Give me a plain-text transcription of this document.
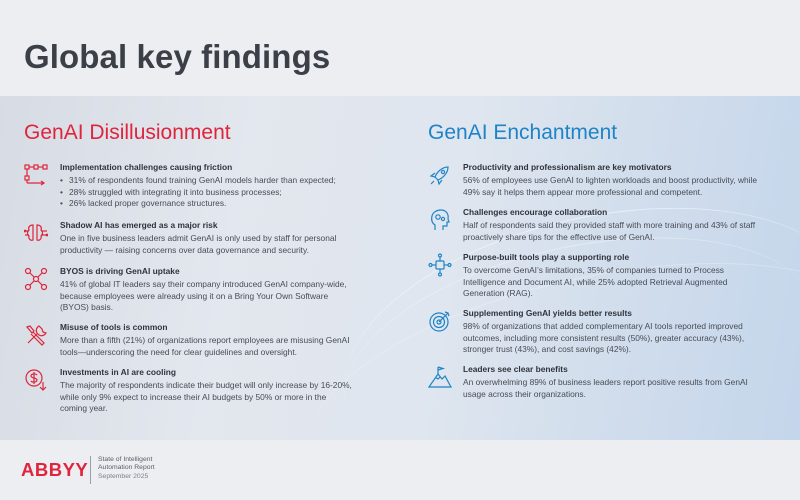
Global key findings
GenAI Disillusionment
Implementation challenges causing friction
• 31% of respondents found training GenAI models harder than expected;
• 28% struggled with integrating it into business processes;
• 26% lacked proper governance structures.
Shadow AI has emerged as a major risk
One in five business leaders admit GenAI is only used by staff for personal productivity — raising concerns over data governance and security.
BYOS is driving GenAI uptake
41% of global IT leaders say their company introduced GenAI company-wide, because employees were already using it on a Bring Your Own Software (BYOS) basis.
Misuse of tools is common
More than a fifth (21%) of organizations report employees are misusing GenAI tools—underscoring the need for clear guidelines and oversight.
Investments in AI are cooling
The majority of respondents indicate their budget will only increase by 16-20%, while only 9% expect to increase their AI budgets by 50% or more in the coming year.
GenAI Enchantment
Productivity and professionalism are key motivators
56% of employees use GenAI to lighten workloads and boost productivity, while 49% say it helps them appear more professional and competent.
Challenges encourage collaboration
Half of respondents said they provided staff with more training and 43% of staff proactively share tips for the effective use of GenAI.
Purpose-built tools play a supporting role
To overcome GenAI’s limitations, 35% of companies turned to Process Intelligence and Document AI, while 25% adopted Retrieval Augmented Generation (RAG).
Supplementing GenAI yields better results
98% of organizations that added complementary AI tools reported improved outcomes, including more consistent results (50%), greater accuracy (43%), stronger trust (43%), and cost savings (42%).
Leaders see clear benefits
An overwhelming 89% of business leaders report positive results from GenAI usage across their organizations.
ABBYY State of Intelligent
Automation Report
September 2025
